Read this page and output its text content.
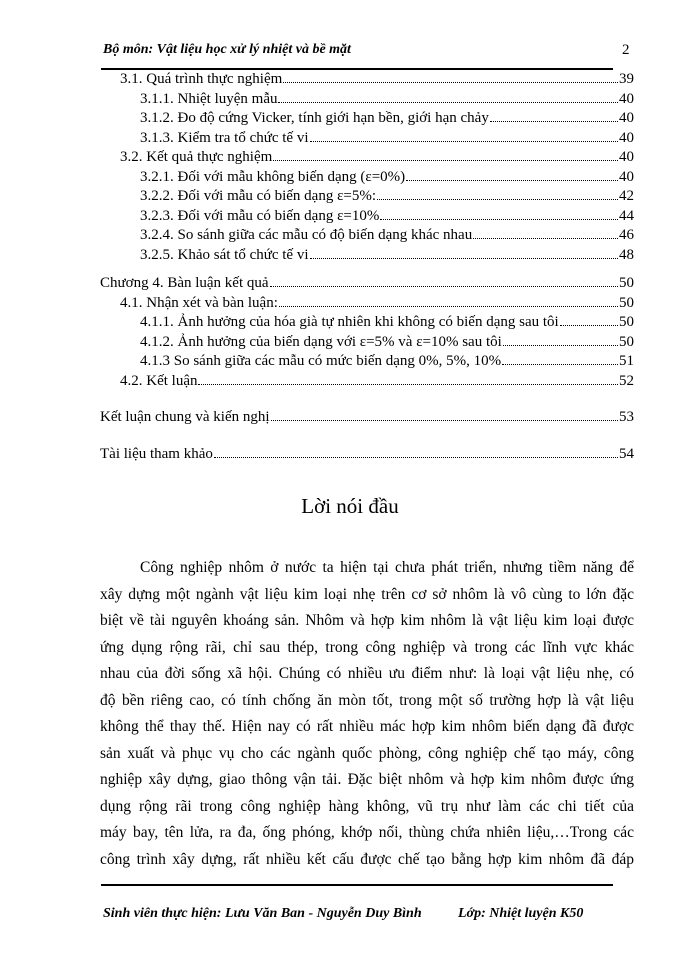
Bộ môn: Vật liệu học xử lý nhiệt và bề mặt	2
3.1. Quá trình thực nghiệm	39
3.1.1. Nhiệt luyện mẫu	40
3.1.2. Đo độ cứng Vicker, tính giới hạn bền, giới hạn chảy	40
3.1.3. Kiểm tra tổ chức tế vi	40
3.2. Kết quả thực nghiệm	40
3.2.1. Đối với mẫu không biến dạng (ε=0%)	40
3.2.2. Đối với mẫu có biến dạng ε=5%:	42
3.2.3. Đối với mẫu có biến dạng ε=10%	44
3.2.4. So sánh giữa các mẫu có độ biến dạng khác nhau	46
3.2.5. Khảo sát tổ chức tế vi	48
Chương 4. Bàn luận kết quả	50
4.1. Nhận xét và bàn luận:	50
4.1.1. Ảnh hưởng của hóa già tự nhiên khi không có biến dạng sau tôi	50
4.1.2. Ảnh hưởng của biến dạng với ε=5% và ε=10% sau tôi	50
4.1.3 So sánh giữa các mẫu có mức biến dạng 0%, 5%, 10%	51
4.2. Kết luận	52
Kết luận chung và kiến nghị	53
Tài liệu tham khảo	54
Lời nói đầu

Công nghiệp nhôm ở nước ta hiện tại chưa phát triển, nhưng tiềm năng để
xây dựng một ngành vật liệu kim loại nhẹ trên cơ sở nhôm là vô cùng to lớn đặc
biệt về tài nguyên khoáng sản. Nhôm và hợp kim nhôm là vật liệu kim loại được
ứng dụng rộng rãi, chỉ sau thép, trong công nghiệp và trong các lĩnh vực khác
nhau của đời sống xã hội. Chúng có nhiều ưu điểm như: là loại vật liệu nhẹ, có
độ bền riêng cao, có tính chống ăn mòn tốt, trong một số trường hợp là vật liệu
không thể thay thế. Hiện nay có rất nhiều mác hợp kim nhôm biến dạng đã được
sản xuất và phục vụ cho các ngành quốc phòng, công nghiệp chế tạo máy, công
nghiệp xây dựng, giao thông vận tải. Đặc biệt nhôm và hợp kim nhôm được ứng
dụng rộng rãi trong công nghiệp hàng không, vũ trụ như làm các chi tiết của
máy bay, tên lửa, ra đa, ống phóng, khớp nối, thùng chứa nhiên liệu,…Trong các
công trình xây dựng, rất nhiều kết cấu được chế tạo bằng hợp kim nhôm đã đáp

Sinh viên thực hiện: Lưu Văn Ban - Nguyễn Duy Bình	Lớp: Nhiệt luyện K50
